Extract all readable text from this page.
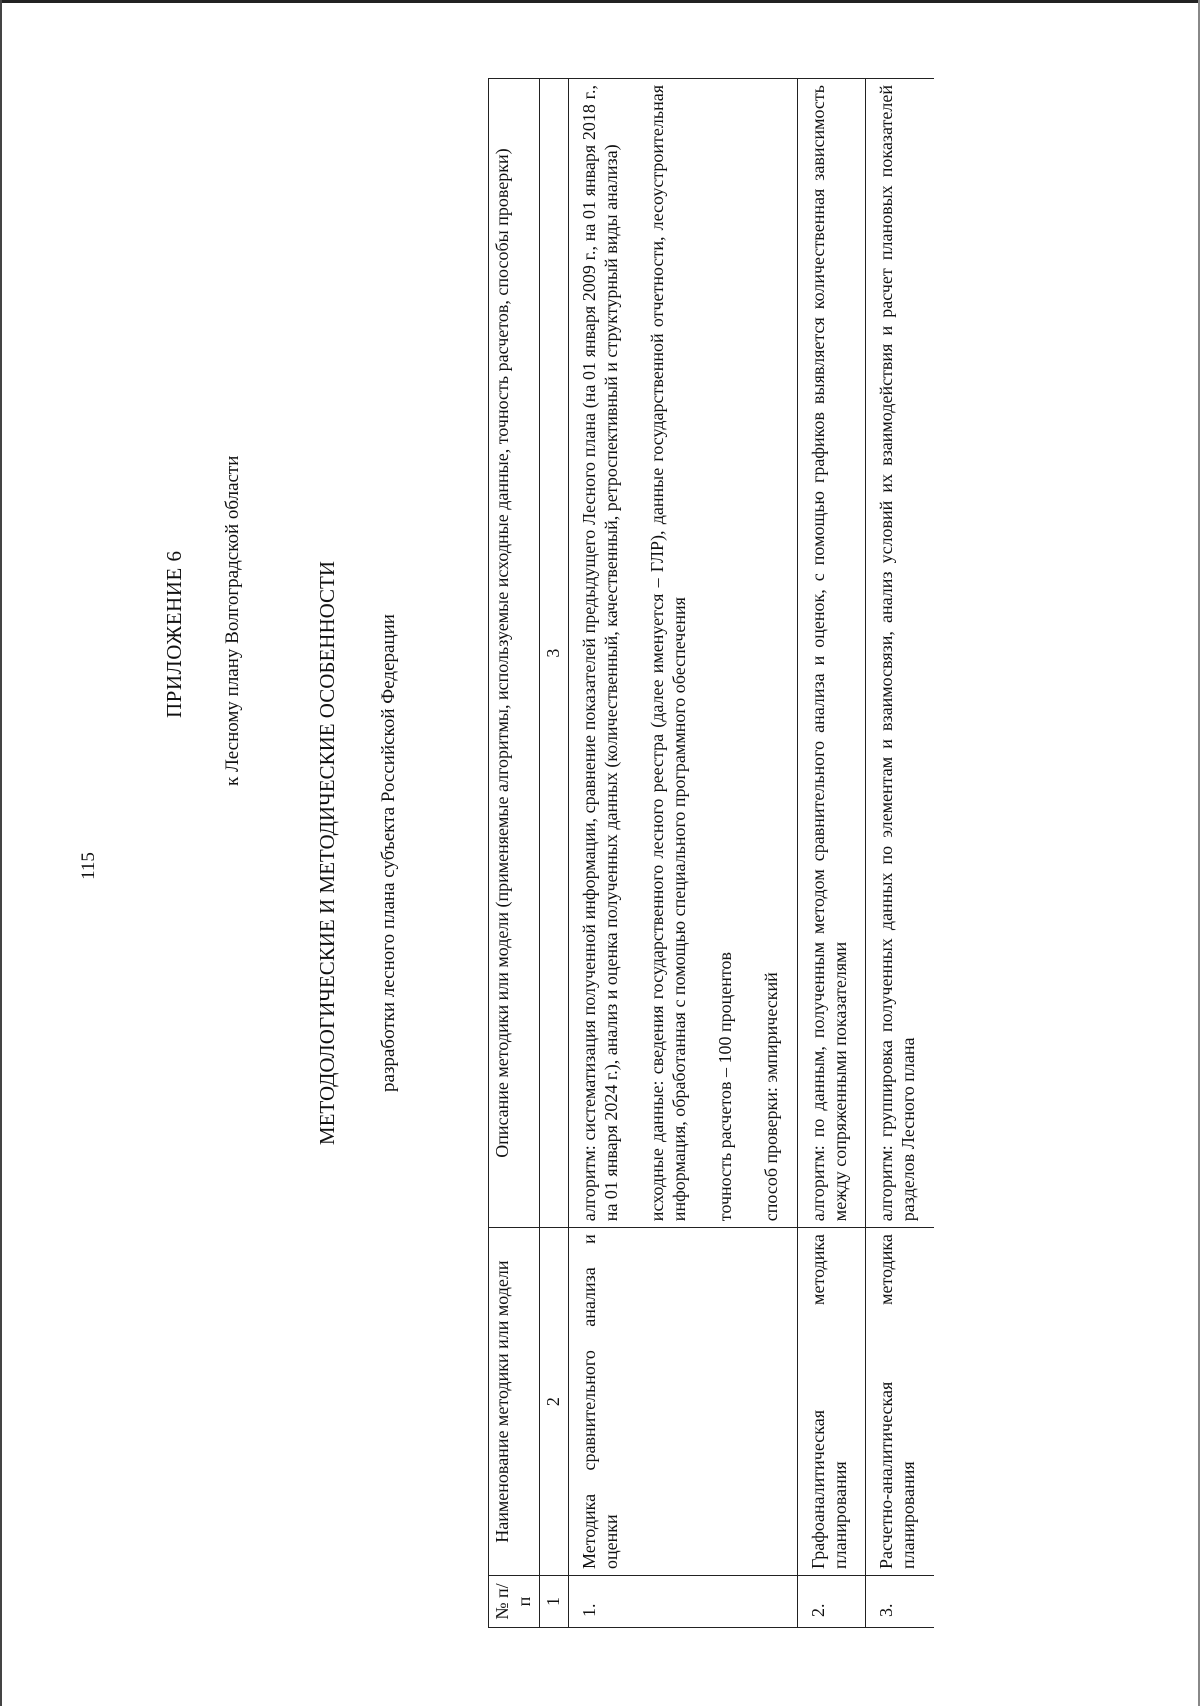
115
ПРИЛОЖЕНИЕ 6 к Лесному плану Волгоградской области	МЕТОДОЛОГИЧЕСКИЕ И МЕТОДИЧЕСКИЕ ОСОБЕННОСТИ разработки лесного плана субъекта Российской Федерации
№ п/п	Наименование методики или модели	Описание методики или модели (применяемые алгоритмы, используемые исходные данные, точность расчетов, способы проверки)
1	2	3
1.	Методика сравнительного анализа и оценки	алгоритм: систематизация полученной информации, сравнение показателей предыдущего Лесного плана (на 01 января 2009 г., на 01 января 2018 г., на 01 января 2024 г.), анализ и оценка полученных данных (количественный, качественный, ретроспективный и структурный виды анализа) исходные данные: сведения государственного лесного реестра (далее именуется – ГЛР), данные государственной отчетности, лесоустроительная информация, обработанная с помощью специального программного обеспечения точность расчетов – 100 процентов способ проверки: эмпирический

2.	Графоаналитическая методика планирования	алгоритм: по данным, полученным методом сравнительного анализа и оценок, с помощью графиков выявляется количественная зависимость между сопряженными показателями

3.	Расчетно-аналитическая методика планирования	алгоритм: группировка полученных данных по элементам и взаимосвязи, анализ условий их взаимодействия и расчет плановых показателей разделов Лесного плана
